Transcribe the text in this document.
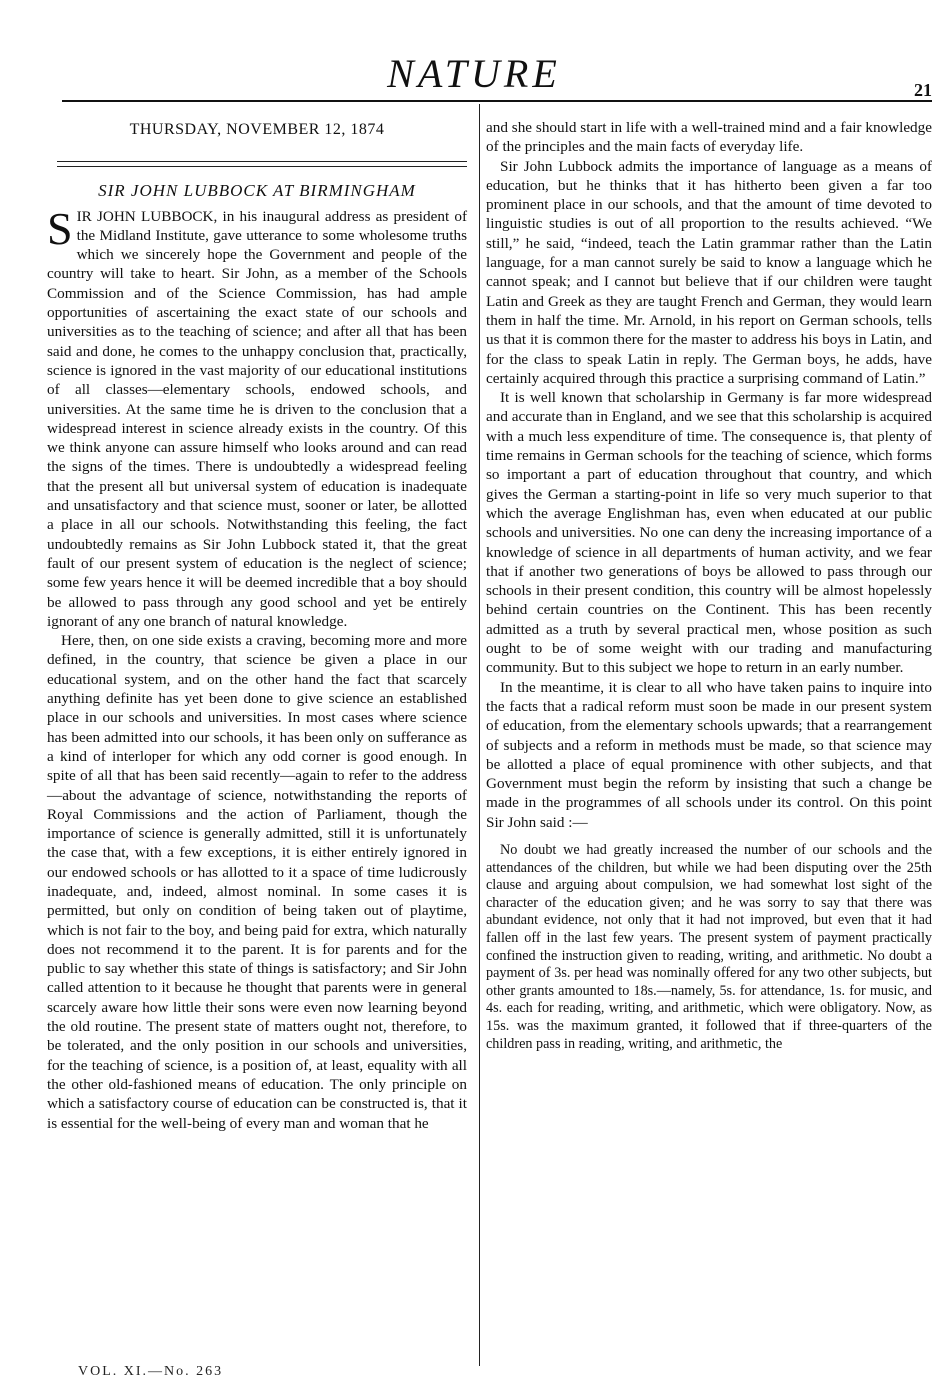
NATURE	21
THURSDAY, NOVEMBER 12, 1874
SIR JOHN LUBBOCK AT BIRMINGHAM

SIR JOHN LUBBOCK, in his inaugural address as president of the Midland Institute, gave utterance to some wholesome truths which we sincerely hope the Government and people of the country will take to heart. Sir John, as a member of the Schools Commission and of the Science Commission, has had ample opportunities of ascertaining the exact state of our schools and universities as to the teaching of science; and after all that has been said and done, he comes to the unhappy conclusion that, practically, science is ignored in the vast majority of our educational institutions of all classes—elementary schools, endowed schools, and universities. At the same time he is driven to the conclusion that a widespread interest in science already exists in the country. Of this we think anyone can assure himself who looks around and can read the signs of the times. There is undoubtedly a widespread feeling that the present all but universal system of education is inadequate and unsatisfactory and that science must, sooner or later, be allotted a place in all our schools. Notwithstanding this feeling, the fact undoubtedly remains as Sir John Lubbock stated it, that the great fault of our present system of education is the neglect of science; some few years hence it will be deemed incredible that a boy should be allowed to pass through any good school and yet be entirely ignorant of any one branch of natural knowledge.

Here, then, on one side exists a craving, becoming more and more defined, in the country, that science be given a place in our educational system, and on the other hand the fact that scarcely anything definite has yet been done to give science an established place in our schools and universities. In most cases where science has been admitted into our schools, it has been only on sufferance as a kind of interloper for which any odd corner is good enough. In spite of all that has been said recently—again to refer to the address—about the advantage of science, notwithstanding the reports of Royal Commissions and the action of Parliament, though the importance of science is generally admitted, still it is unfortunately the case that, with a few exceptions, it is either entirely ignored in our endowed schools or has allotted to it a space of time ludicrously inadequate, and, indeed, almost nominal. In some cases it is permitted, but only on condition of being taken out of playtime, which is not fair to the boy, and being paid for extra, which naturally does not recommend it to the parent. It is for parents and for the public to say whether this state of things is satisfactory; and Sir John called attention to it because he thought that parents were in general scarcely aware how little their sons were even now learning beyond the old routine. The present state of matters ought not, therefore, to be tolerated, and the only position in our schools and universities, for the teaching of science, is a position of, at least, equality with all the other old-fashioned means of education. The only principle on which a satisfactory course of education can be constructed is, that it is essential for the well-being of every man and woman that he

and she should start in life with a well-trained mind and a fair knowledge of the principles and the main facts of everyday life.

Sir John Lubbock admits the importance of language as a means of education, but he thinks that it has hitherto been given a far too prominent place in our schools, and that the amount of time devoted to linguistic studies is out of all proportion to the results achieved. “We still,” he said, “indeed, teach the Latin grammar rather than the Latin language, for a man cannot surely be said to know a language which he cannot speak; and I cannot but believe that if our children were taught Latin and Greek as they are taught French and German, they would learn them in half the time. Mr. Arnold, in his report on German schools, tells us that it is common there for the master to address his boys in Latin, and for the class to speak Latin in reply. The German boys, he adds, have certainly acquired through this practice a surprising command of Latin.”

It is well known that scholarship in Germany is far more widespread and accurate than in England, and we see that this scholarship is acquired with a much less expenditure of time. The consequence is, that plenty of time remains in German schools for the teaching of science, which forms so important a part of education throughout that country, and which gives the German a starting-point in life so very much superior to that which the average Englishman has, even when educated at our public schools and universities. No one can deny the increasing importance of a knowledge of science in all departments of human activity, and we fear that if another two generations of boys be allowed to pass through our schools in their present condition, this country will be almost hopelessly behind certain countries on the Continent. This has been recently admitted as a truth by several practical men, whose position as such ought to be of some weight with our trading and manufacturing community. But to this subject we hope to return in an early number.

In the meantime, it is clear to all who have taken pains to inquire into the facts that a radical reform must soon be made in our present system of education, from the elementary schools upwards; that a rearrangement of subjects and a reform in methods must be made, so that science may be allotted a place of equal prominence with other subjects, and that Government must begin the reform by insisting that such a change be made in the programmes of all schools under its control. On this point Sir John said :—

No doubt we had greatly increased the number of our schools and the attendances of the children, but while we had been disputing over the 25th clause and arguing about compulsion, we had somewhat lost sight of the character of the education given; and he was sorry to say that there was abundant evidence, not only that it had not improved, but even that it had fallen off in the last few years. The present system of payment practically confined the instruction given to reading, writing, and arithmetic. No doubt a payment of 3s. per head was nominally offered for any two other subjects, but other grants amounted to 18s.—namely, 5s. for attendance, 1s. for music, and 4s. each for reading, writing, and arithmetic, which were obligatory. Now, as 15s. was the maximum granted, it followed that if three-quarters of the children pass in reading, writing, and arithmetic, the

VOL. XI.—No. 263
